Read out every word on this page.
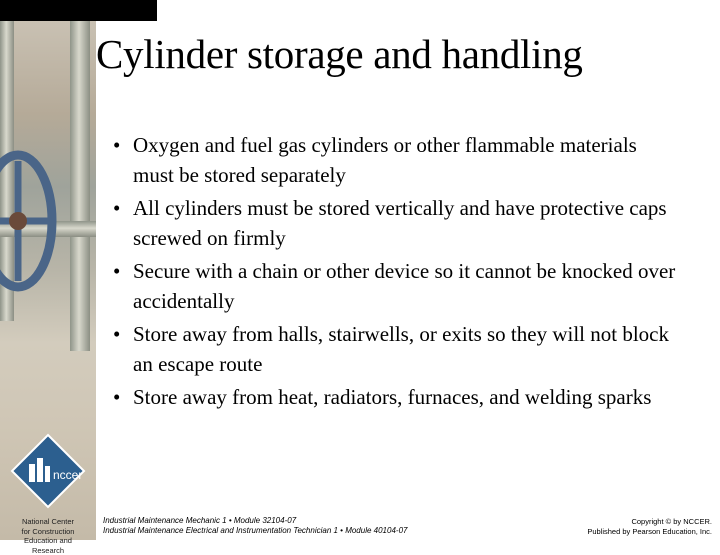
nccer
National Center
for Construction
Education and
Research
Cylinder storage and handling
• Oxygen and fuel gas cylinders or other flammable materials must be stored separately
• All cylinders must be stored vertically and have protective caps screwed on firmly
• Secure with a chain or other device so it cannot be knocked over accidentally
• Store away from halls, stairwells, or exits so they will not block an escape route
• Store away from heat, radiators, furnaces, and welding sparks
Industrial Maintenance Mechanic 1 • Module 32104-07
Industrial Maintenance Electrical and Instrumentation Technician 1 • Module 40104-07
Copyright © by NCCER.
Published by Pearson Education, Inc.
